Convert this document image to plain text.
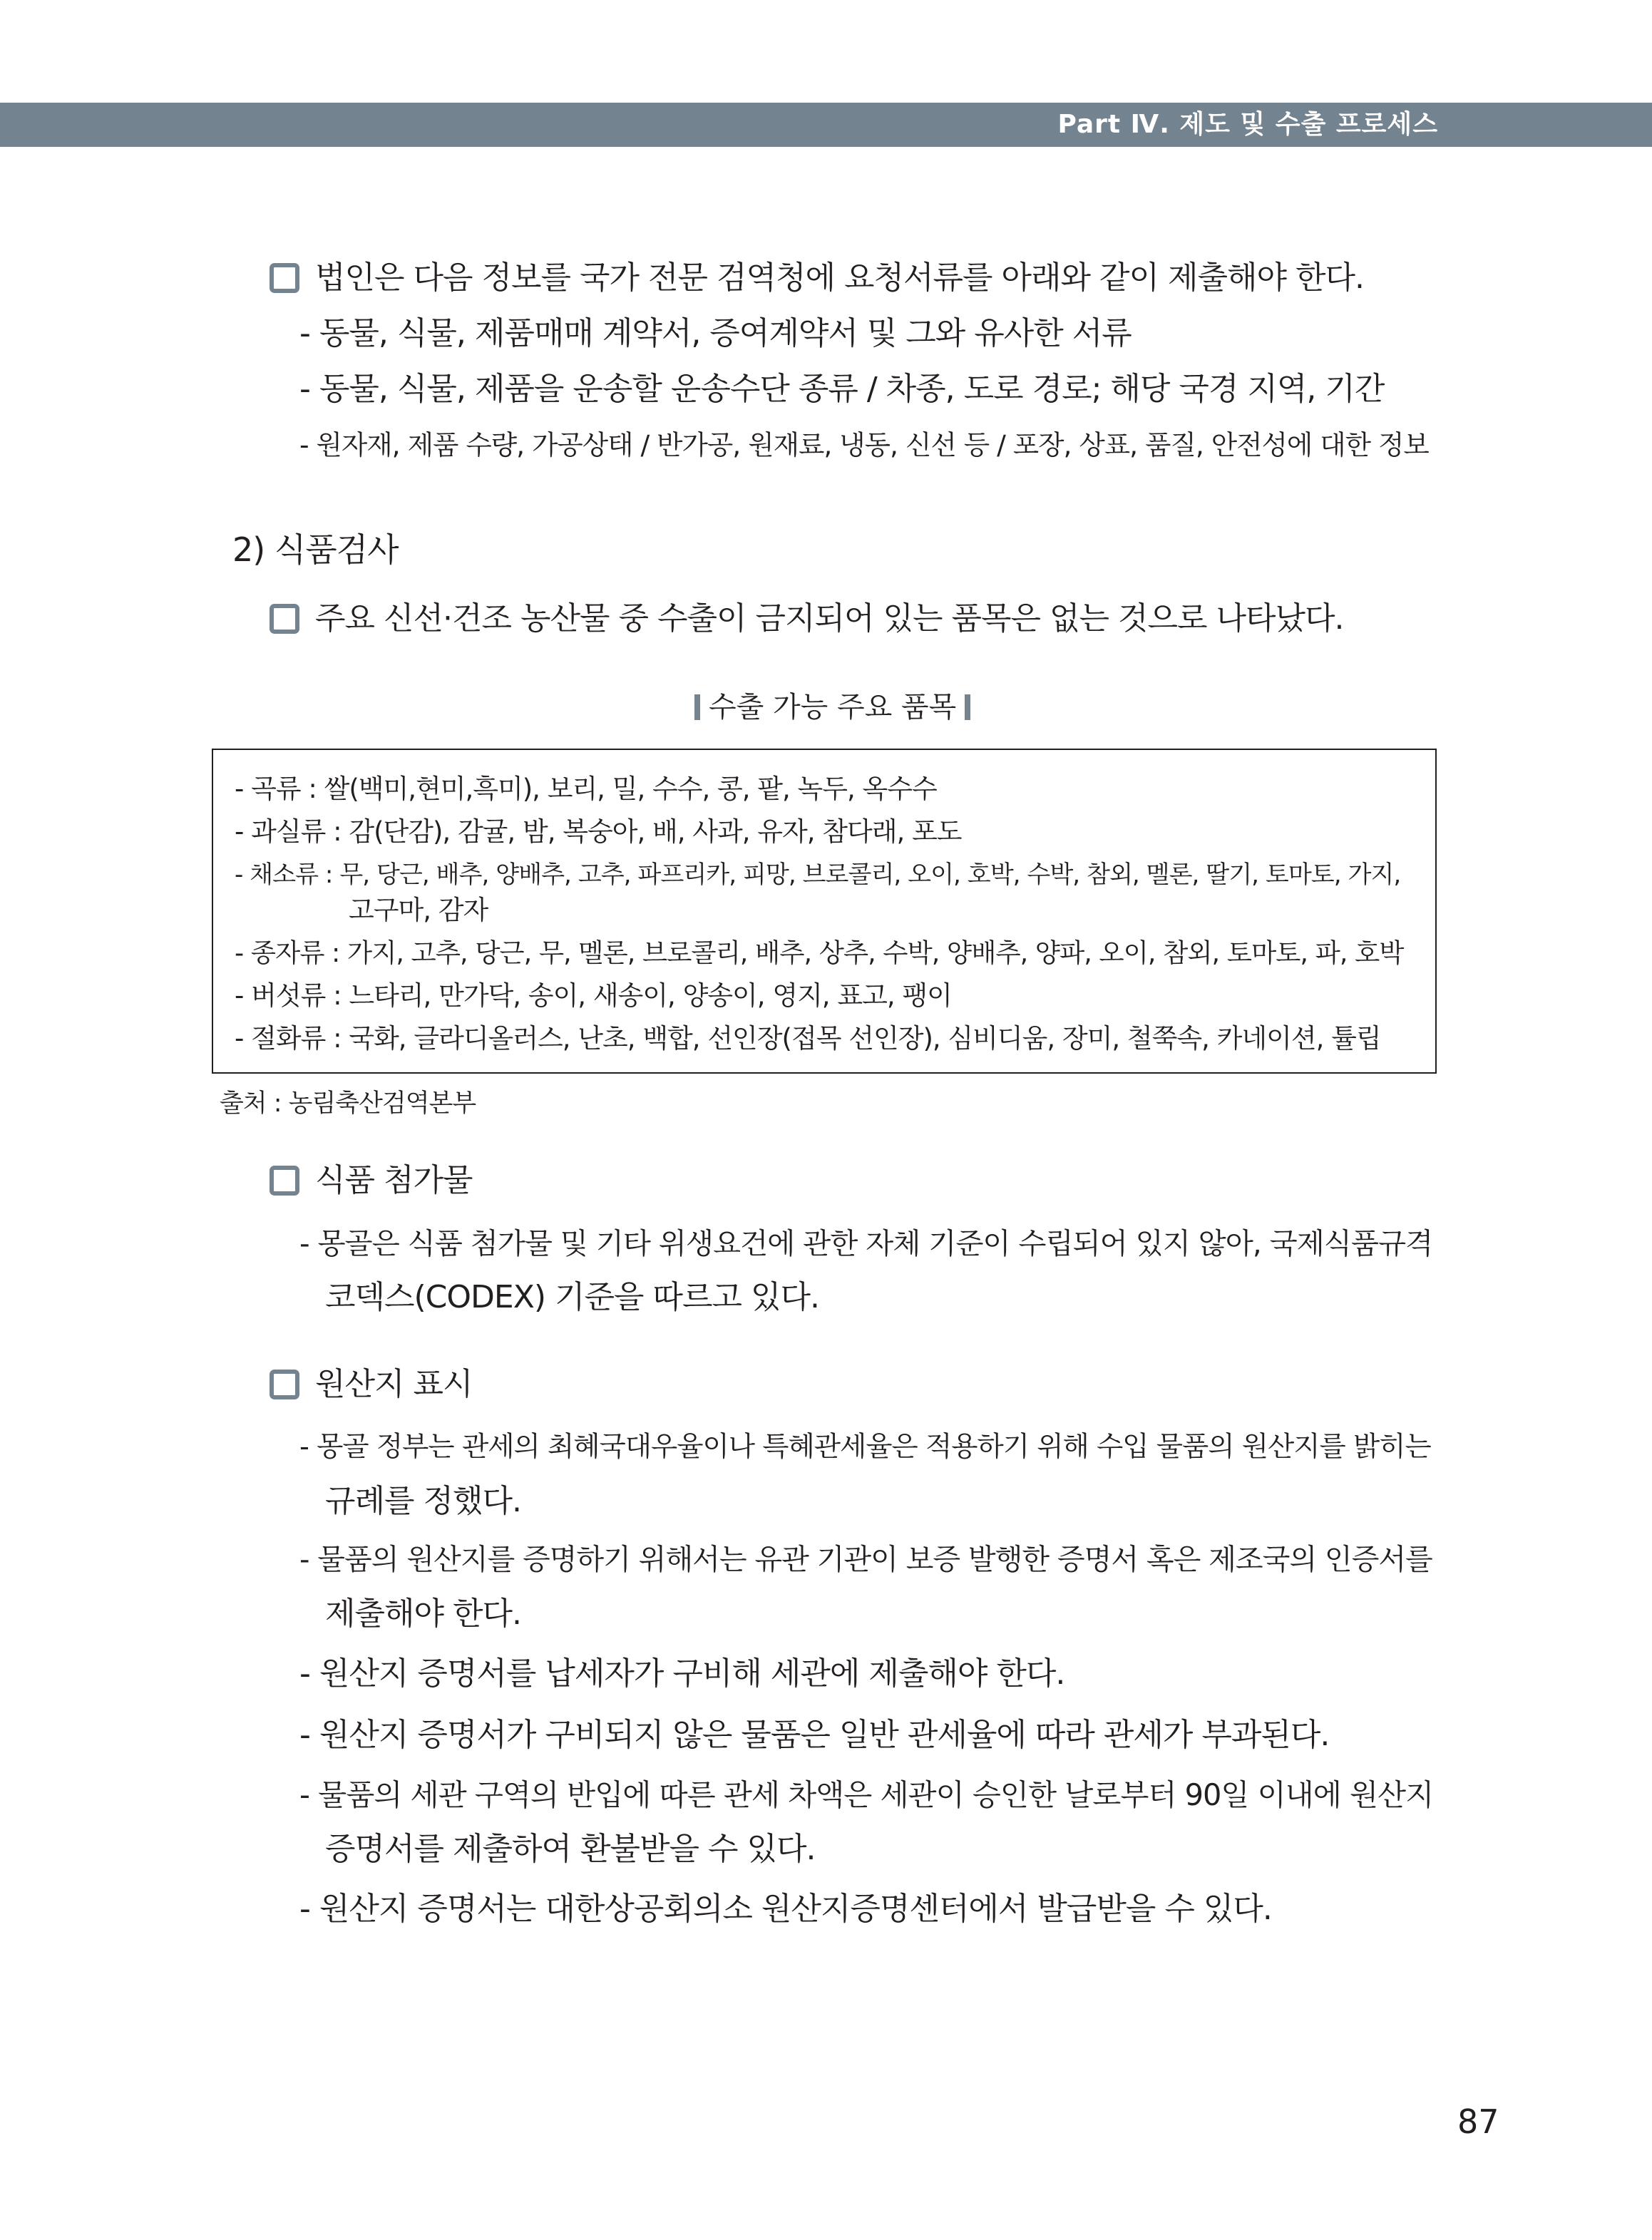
Part Ⅳ. 제도 및 수출 프로세스
법인은 다음 정보를 국가 전문 검역청에 요청서류를 아래와 같이 제출해야 한다.
- 동물, 식물, 제품매매 계약서, 증여계약서 및 그와 유사한 서류
- 동물, 식물, 제품을 운송할 운송수단 종류 / 차종, 도로 경로; 해당 국경 지역, 기간
- 원자재, 제품 수량, 가공상태 / 반가공, 원재료, 냉동, 신선 등 / 포장, 상표, 품질, 안전성에 대한 정보
2) 식품검사
주요 신선·건조 농산물 중 수출이 금지되어 있는 품목은 없는 것으로 나타났다.
수출 가능 주요 품목
- 곡류 : 쌀(백미,현미,흑미), 보리, 밀, 수수, 콩, 팥, 녹두, 옥수수
- 과실류 : 감(단감), 감귤, 밤, 복숭아, 배, 사과, 유자, 참다래, 포도
- 채소류 : 무, 당근, 배추, 양배추, 고추, 파프리카, 피망, 브로콜리, 오이, 호박, 수박, 참외, 멜론, 딸기, 토마토, 가지,
고구마, 감자
- 종자류 : 가지, 고추, 당근, 무, 멜론, 브로콜리, 배추, 상추, 수박, 양배추, 양파, 오이, 참외, 토마토, 파, 호박
- 버섯류 : 느타리, 만가닥, 송이, 새송이, 양송이, 영지, 표고, 팽이
- 절화류 : 국화, 글라디올러스, 난초, 백합, 선인장(접목 선인장), 심비디움, 장미, 철쭉속, 카네이션, 튤립
출처 : 농림축산검역본부
식품 첨가물
- 몽골은 식품 첨가물 및 기타 위생요건에 관한 자체 기준이 수립되어 있지 않아, 국제식품규격
코덱스(CODEX) 기준을 따르고 있다.
원산지 표시
- 몽골 정부는 관세의 최혜국대우율이나 특혜관세율은 적용하기 위해 수입 물품의 원산지를 밝히는
규례를 정했다.
- 물품의 원산지를 증명하기 위해서는 유관 기관이 보증 발행한 증명서 혹은 제조국의 인증서를
제출해야 한다.
- 원산지 증명서를 납세자가 구비해 세관에 제출해야 한다.
- 원산지 증명서가 구비되지 않은 물품은 일반 관세율에 따라 관세가 부과된다.
- 물품의 세관 구역의 반입에 따른 관세 차액은 세관이 승인한 날로부터 90일 이내에 원산지
증명서를 제출하여 환불받을 수 있다.
- 원산지 증명서는 대한상공회의소 원산지증명센터에서 발급받을 수 있다.
87
